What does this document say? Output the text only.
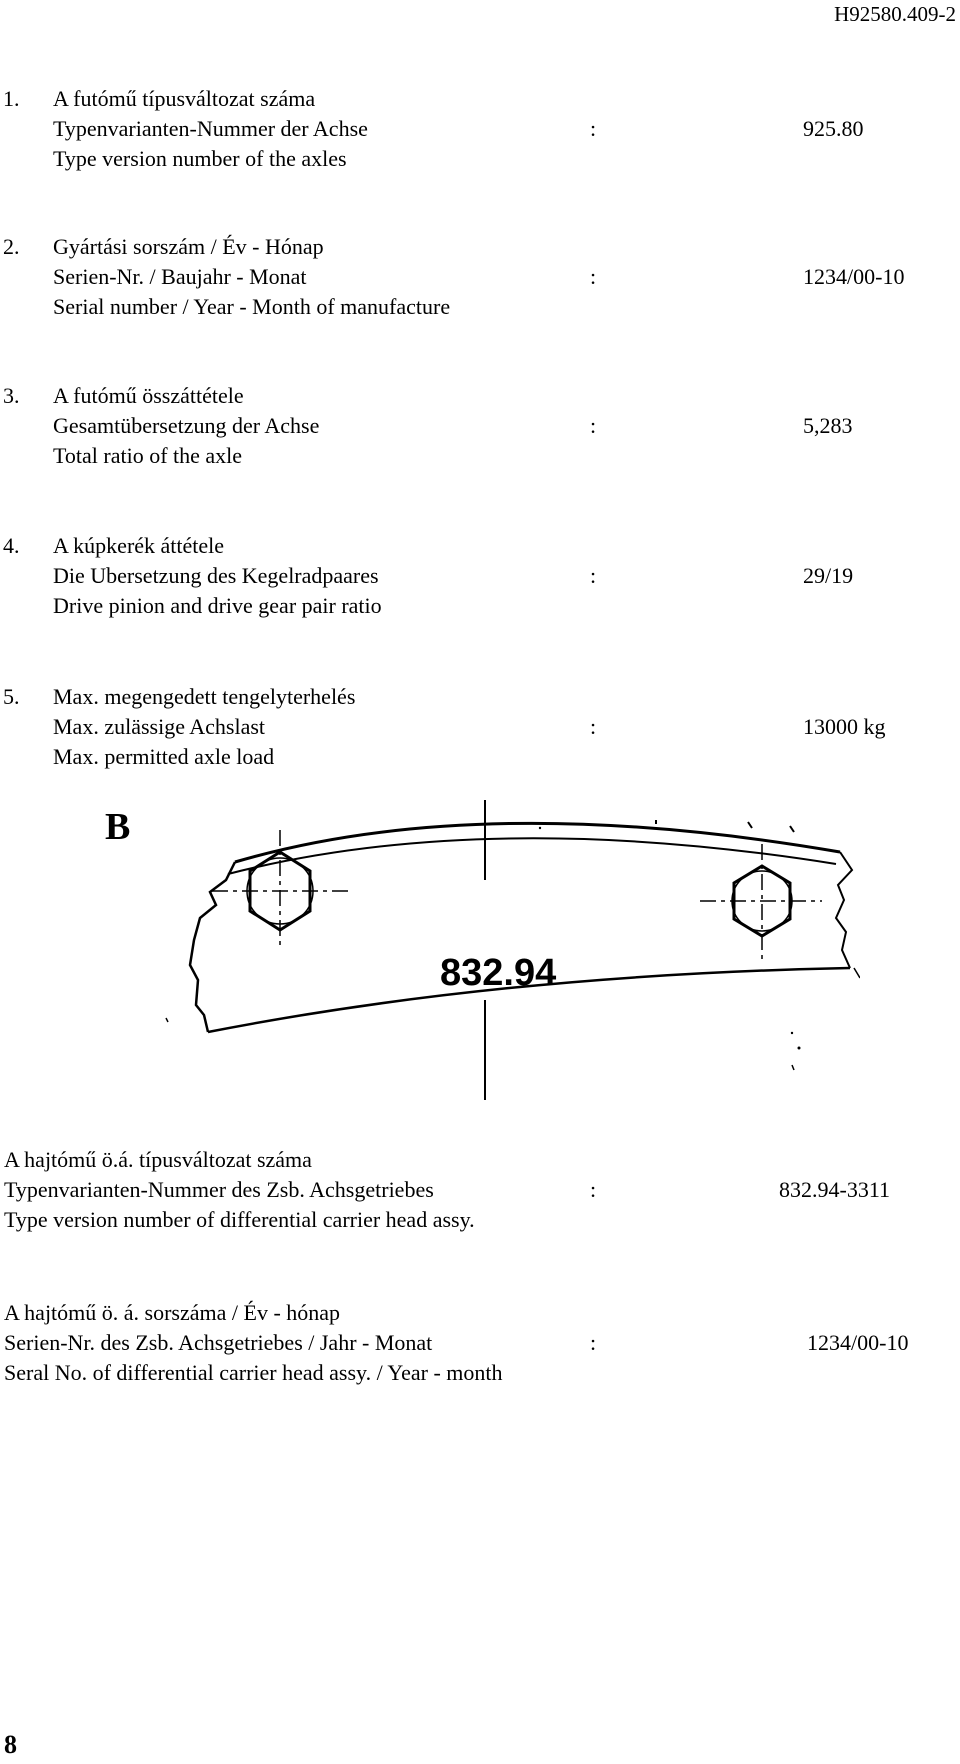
H92580.409-2
1. A futómű típusváltozat száma
Typenvarianten-Nummer der Achse	:	925.80
Type version number of the axles
2. Gyártási sorszám / Év - Hónap
Serien-Nr. / Baujahr - Monat	:	1234/00-10
Serial number / Year - Month of manufacture
3. A futómű összáttétele
Gesamtübersetzung der Achse	:	5,283
Total ratio of the axle
4. A kúpkerék áttétele
Die Ubersetzung des Kegelradpaares	:	29/19
Drive pinion and drive gear pair ratio
5. Max. megengedett tengelyterhelés
Max. zulässige Achslast	:	13000 kg
Max. permitted axle load
B
832.94
A hajtómű ö.á. típusváltozat száma
Typenvarianten-Nummer des Zsb. Achsgetriebes	:	832.94-3311
Type version number of differential carrier head assy.
A hajtómű ö. á. sorszáma / Év - hónap
Serien-Nr. des Zsb. Achsgetriebes / Jahr - Monat	:	1234/00-10
Seral No. of differential carrier head assy. / Year - month
8
